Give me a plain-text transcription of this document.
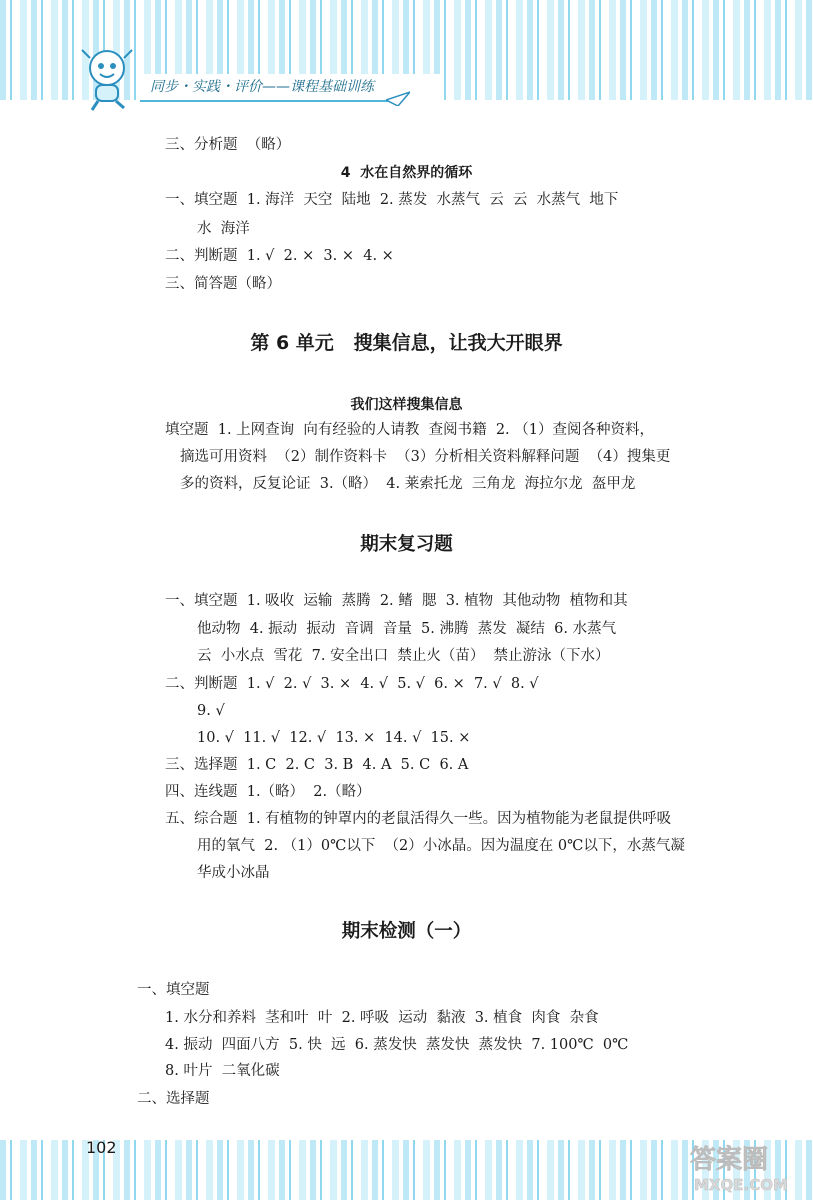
同步・实践・评价——课程基础训练
三、分析题  （略）
4  水在自然界的循环
一、填空题  1. 海洋  天空  陆地  2. 蒸发  水蒸气  云  云  水蒸气  地下
水  海洋
二、判断题  1. √  2. ×  3. ×  4. ×
三、简答题（略）
第 6 单元   搜集信息，让我大开眼界
我们这样搜集信息
填空题  1. 上网查询  向有经验的人请教  查阅书籍  2. （1）查阅各种资料，
摘选可用资料  （2）制作资料卡  （3）分析相关资料解释问题  （4）搜集更
多的资料，反复论证  3.（略）  4. 莱索托龙  三角龙  海拉尔龙  盔甲龙
期末复习题
一、填空题  1. 吸收  运输  蒸腾  2. 鳍  腮  3. 植物  其他动物  植物和其
他动物  4. 振动  振动  音调  音量  5. 沸腾  蒸发  凝结  6. 水蒸气
云  小水点  雪花  7. 安全出口  禁止火（苗）  禁止游泳（下水）
二、判断题  1. √  2. √  3. ×  4. √  5. √  6. ×  7. √  8. √
9. √
10. √  11. √  12. √  13. ×  14. √  15. ×
三、选择题  1. C  2. C  3. B  4. A  5. C  6. A
四、连线题  1.（略）  2.（略）
五、综合题  1. 有植物的钟罩内的老鼠活得久一些。因为植物能为老鼠提供呼吸
用的氧气  2. （1）0℃以下  （2）小冰晶。因为温度在 0℃以下，水蒸气凝
华成小冰晶
期末检测（一）
一、填空题
1. 水分和养料  茎和叶  叶  2. 呼吸  运动  黏液  3. 植食  肉食  杂食
4. 振动  四面八方  5. 快  远  6. 蒸发快  蒸发快  蒸发快  7. 100℃  0℃
8. 叶片  二氧化碳
二、选择题
102	答案圈
MXQE.COM
